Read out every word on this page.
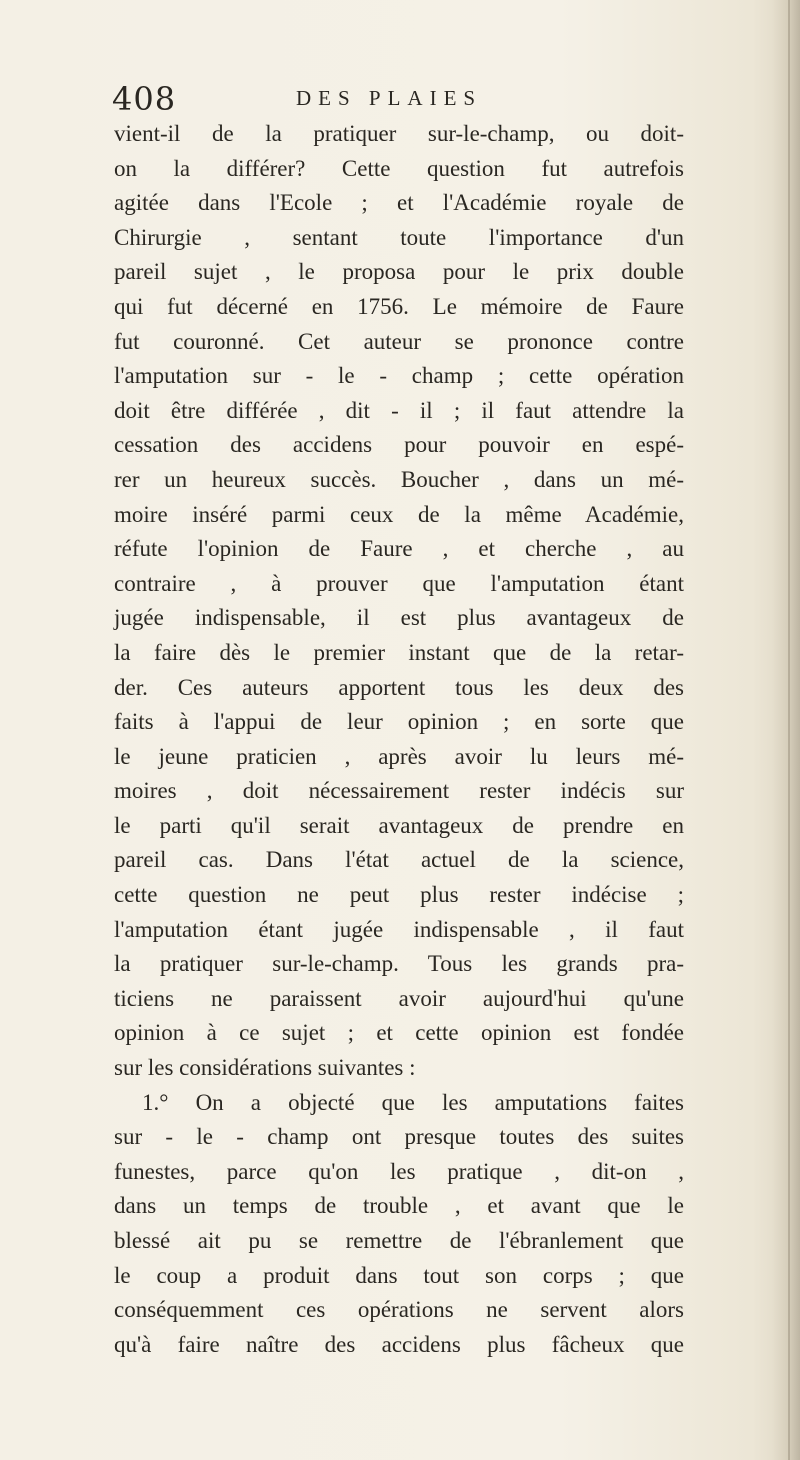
408	DES PLAIES
vient-il de la pratiquer sur-le-champ, ou doit-
on la différer? Cette question fut autrefois
agitée dans l'Ecole ; et l'Académie royale de
Chirurgie , sentant toute l'importance d'un
pareil sujet , le proposa pour le prix double
qui fut décerné en 1756. Le mémoire de Faure
fut couronné. Cet auteur se prononce contre
l'amputation sur - le - champ ; cette opération
doit être différée , dit - il ; il faut attendre la
cessation des accidens pour pouvoir en espé-
rer un heureux succès. Boucher , dans un mé-
moire inséré parmi ceux de la même Académie,
réfute l'opinion de Faure , et cherche , au
contraire , à prouver que l'amputation étant
jugée indispensable, il est plus avantageux de
la faire dès le premier instant que de la retar-
der. Ces auteurs apportent tous les deux des
faits à l'appui de leur opinion ; en sorte que
le jeune praticien , après avoir lu leurs mé-
moires , doit nécessairement rester indécis sur
le parti qu'il serait avantageux de prendre en
pareil cas. Dans l'état actuel de la science,
cette question ne peut plus rester indécise ;
l'amputation étant jugée indispensable , il faut
la pratiquer sur-le-champ. Tous les grands pra-
ticiens ne paraissent avoir aujourd'hui qu'une
opinion à ce sujet ; et cette opinion est fondée
sur les considérations suivantes :
1.° On a objecté que les amputations faites
sur - le - champ ont presque toutes des suites
funestes, parce qu'on les pratique , dit-on ,
dans un temps de trouble , et avant que le
blessé ait pu se remettre de l'ébranlement que
le coup a produit dans tout son corps ; que
conséquemment ces opérations ne servent alors
qu'à faire naître des accidens plus fâcheux que
